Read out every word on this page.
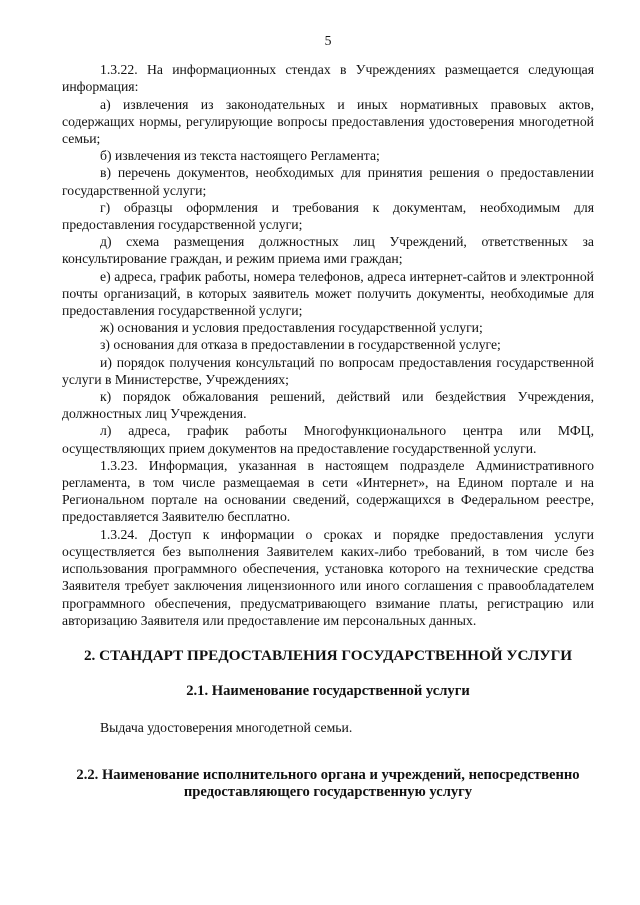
5

1.3.22. На информационных стендах в Учреждениях размещается следующая информация:

а) извлечения из законодательных и иных нормативных правовых актов, содержащих нормы, регулирующие вопросы предоставления удостоверения многодетной семьи;

б) извлечения из текста настоящего Регламента;

в) перечень документов, необходимых для принятия решения о предоставлении государственной услуги;

г) образцы оформления и требования к документам, необходимым для предоставления государственной услуги;

д) схема размещения должностных лиц Учреждений, ответственных за консультирование граждан, и режим приема ими граждан;

е) адреса, график работы, номера телефонов, адреса интернет-сайтов и электронной почты организаций, в которых заявитель может получить документы, необходимые для предоставления государственной услуги;

ж) основания и условия предоставления государственной услуги;

з) основания для отказа в предоставлении в государственной услуге;

и) порядок получения консультаций по вопросам предоставления государственной услуги в Министерстве, Учреждениях;

к) порядок обжалования решений, действий или бездействия Учреждения, должностных лиц Учреждения.

л) адреса, график работы Многофункционального центра или МФЦ, осуществляющих прием документов на предоставление государственной услуги.

1.3.23. Информация, указанная в настоящем подразделе Административного регламента, в том числе размещаемая в сети «Интернет», на Едином портале и на Региональном портале на основании сведений, содержащихся в Федеральном реестре, предоставляется Заявителю бесплатно.

1.3.24. Доступ к информации о сроках и порядке предоставления услуги осуществляется без выполнения Заявителем каких-либо требований, в том числе без использования программного обеспечения, установка которого на технические средства Заявителя требует заключения лицензионного или иного соглашения с правообладателем программного обеспечения, предусматривающего взимание платы, регистрацию или авторизацию Заявителя или предоставление им персональных данных.

2. СТАНДАРТ ПРЕДОСТАВЛЕНИЯ ГОСУДАРСТВЕННОЙ УСЛУГИ
2.1. Наименование государственной услуги

Выдача удостоверения многодетной семьи.

2.2. Наименование исполнительного органа и учреждений, непосредственно предоставляющего государственную услугу
